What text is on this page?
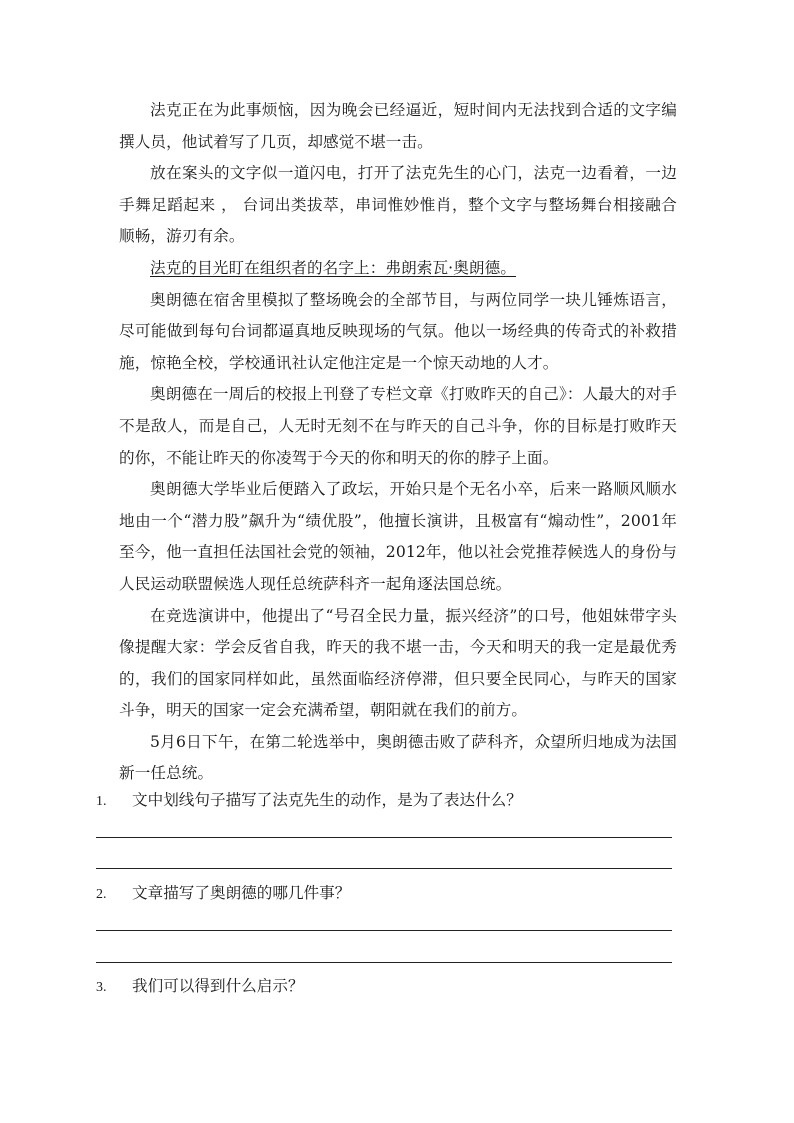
法克正在为此事烦恼，因为晚会已经逼近，短时间内无法找到合适的文字编撰人员，他试着写了几页，却感觉不堪一击。

放在案头的文字似一道闪电，打开了法克先生的心门，法克一边看着，一边手舞足蹈起来 ， 台词出类拔萃，串词惟妙惟肖，整个文字与整场舞台相接融合顺畅，游刃有余。

法克的目光盯在组织者的名字上：弗朗索瓦·奥朗德。

奥朗德在宿舍里模拟了整场晚会的全部节目，与两位同学一块儿锤炼语言，尽可能做到每句台词都逼真地反映现场的气氛。他以一场经典的传奇式的补救措施，惊艳全校，学校通讯社认定他注定是一个惊天动地的人才。

奥朗德在一周后的校报上刊登了专栏文章《打败昨天的自己》：人最大的对手不是敌人，而是自己，人无时无刻不在与昨天的自己斗争，你的目标是打败昨天的你，不能让昨天的你凌驾于今天的你和明天的你的脖子上面。

奥朗德大学毕业后便踏入了政坛，开始只是个无名小卒，后来一路顺风顺水地由一个“潜力股”飙升为“绩优股”，他擅长演讲，且极富有“煽动性”，2001年至今，他一直担任法国社会党的领袖，2012年，他以社会党推荐候选人的身份与人民运动联盟候选人现任总统萨科齐一起角逐法国总统。

在竞选演讲中，他提出了“号召全民力量，振兴经济”的口号，他姐妹带字头像提醒大家：学会反省自我，昨天的我不堪一击，今天和明天的我一定是最优秀的，我们的国家同样如此，虽然面临经济停滞，但只要全民同心，与昨天的国家斗争，明天的国家一定会充满希望，朝阳就在我们的前方。

5月6日下午，在第二轮选举中，奥朗德击败了萨科齐，众望所归地成为法国新一任总统。

1. 文中划线句子描写了法克先生的动作，是为了表达什么？
2. 文章描写了奥朗德的哪几件事？
3. 我们可以得到什么启示？
